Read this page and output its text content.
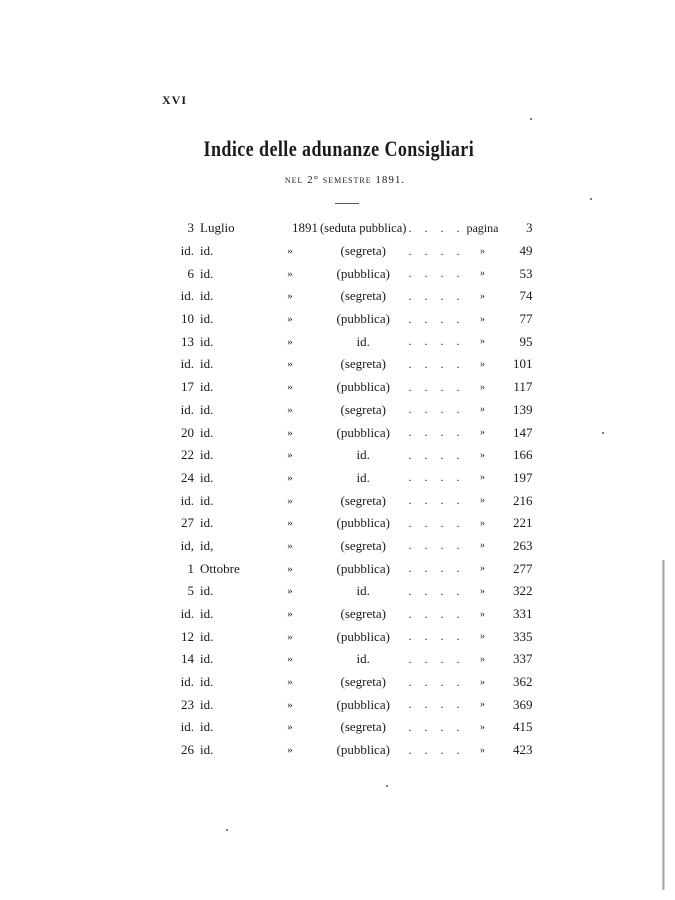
XVI
Indice delle adunanze Consigliari
nel 2° semestre 1891.
3	Luglio	1891	(seduta pubblica)	. . . .	pagina	3
id.	id.	»	(segreta)	. . . .	»	49
6	id.	»	(pubblica)	. . . .	»	53
id.	id.	»	(segreta)	. . . .	»	74
10	id.	»	(pubblica)	. . . .	»	77
13	id.	»	id.	. . . .	»	95
id.	id.	»	(segreta)	. . . .	»	101
17	id.	»	(pubblica)	. . . .	»	117
id.	id.	»	(segreta)	. . . .	»	139
20	id.	»	(pubblica)	. . . .	»	147
22	id.	»	id.	. . . .	»	166
24	id.	»	id.	. . . .	»	197
id.	id.	»	(segreta)	. . . .	»	216
27	id.	»	(pubblica)	. . . .	»	221
id,	id,	»	(segreta)	. . . .	»	263
1	Ottobre	»	(pubblica)	. . . .	»	277
5	id.	»	id.	. . . .	»	322
id.	id.	»	(segreta)	. . . .	»	331
12	id.	»	(pubblica)	. . . .	»	335
14	id.	»	id.	. . . .	»	337
id.	id.	»	(segreta)	. . . .	»	362
23	id.	»	(pubblica)	. . . .	»	369
id.	id.	»	(segreta)	. . . .	»	415
26	id.	»	(pubblica)	. . . .	»	423
